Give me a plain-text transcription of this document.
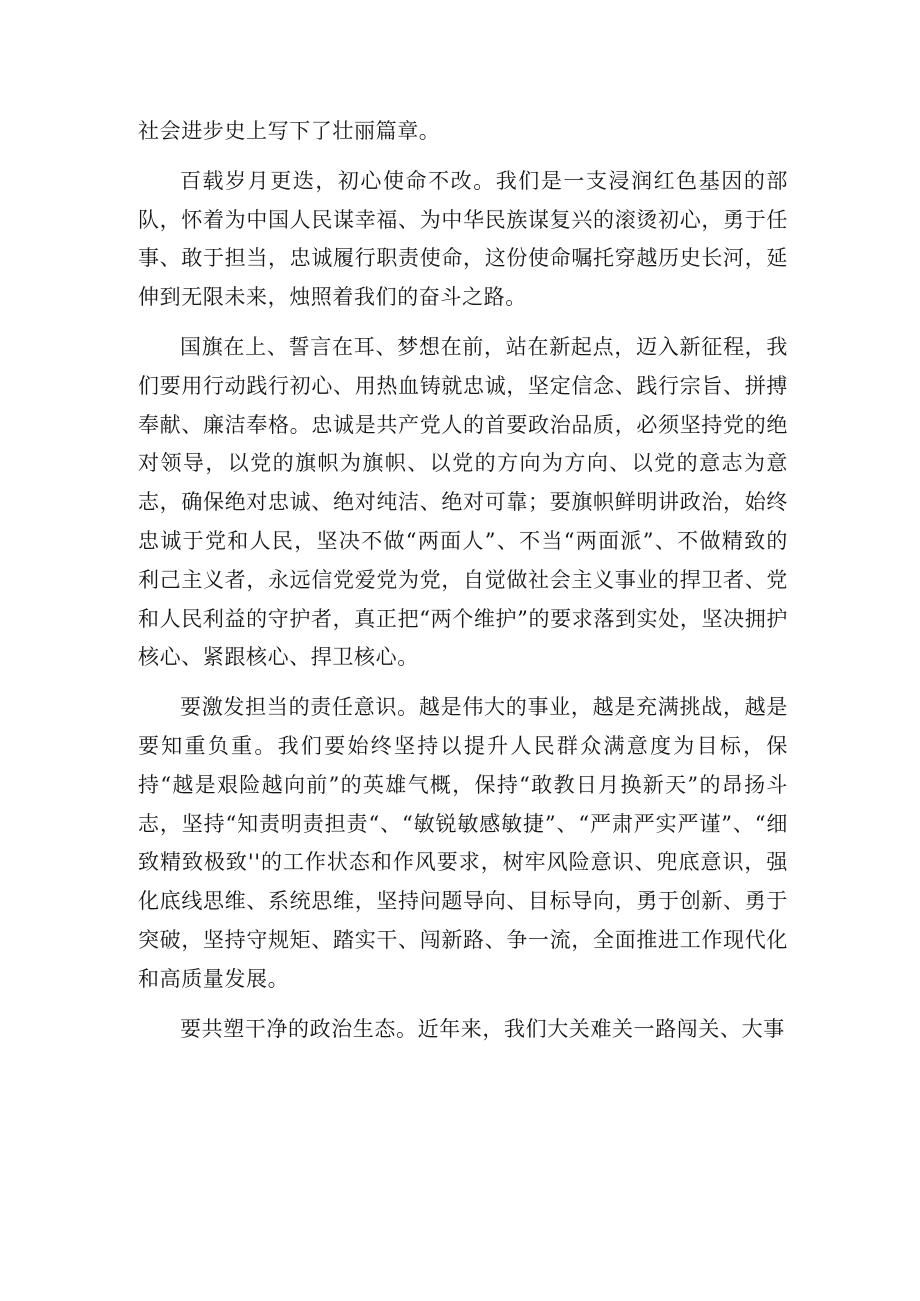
社会进步史上写下了壮丽篇章。

百载岁月更迭，初心使命不改。我们是一支浸润红色基因的部队，怀着为中国人民谋幸福、为中华民族谋复兴的滚烫初心，勇于任事、敢于担当，忠诚履行职责使命，这份使命嘱托穿越历史长河，延伸到无限未来，烛照着我们的奋斗之路。

国旗在上、誓言在耳、梦想在前，站在新起点，迈入新征程，我们要用行动践行初心、用热血铸就忠诚，坚定信念、践行宗旨、拼搏奉献、廉洁奉格。忠诚是共产党人的首要政治品质，必须坚持党的绝对领导，以党的旗帜为旗帜、以党的方向为方向、以党的意志为意志，确保绝对忠诚、绝对纯洁、绝对可靠；要旗帜鲜明讲政治，始终忠诚于党和人民，坚决不做“两面人”、不当“两面派”、不做精致的利己主义者，永远信党爱党为党，自觉做社会主义事业的捍卫者、党和人民利益的守护者，真正把“两个维护”的要求落到实处，坚决拥护核心、紧跟核心、捍卫核心。

要激发担当的责任意识。越是伟大的事业，越是充满挑战，越是要知重负重。我们要始终坚持以提升人民群众满意度为目标，保持“越是艰险越向前”的英雄气概，保持“敢教日月换新天”的昂扬斗志，坚持“知责明责担责“、“敏锐敏感敏捷”、“严肃严实严谨”、“细致精致极致''的工作状态和作风要求，树牢风险意识、兜底意识，强化底线思维、系统思维，坚持问题导向、目标导向，勇于创新、勇于突破，坚持守规矩、踏实干、闯新路、争一流，全面推进工作现代化和高质量发展。

要共塑干净的政治生态。近年来，我们大关难关一路闯关、大事
